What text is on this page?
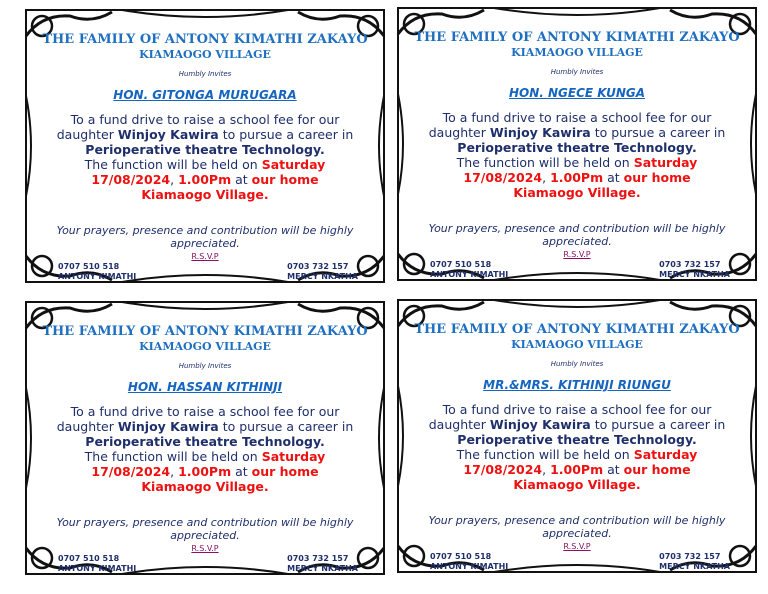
THE FAMILY OF ANTONY KIMATHI ZAKAYO
KIAMAOGO VILLAGE
Humbly Invites
HON. GITONGA MURUGARA
To a fund drive to raise a school fee for our daughter Winjoy Kawira to pursue a career in Perioperative theatre Technology.
The function will be held on Saturday 17/08/2024, 1.00Pm at our home
Kiamaogo Village.
Your prayers, presence and contribution will be highly appreciated.
R.S.V.P
0707 510 518
ANTONY KIMATHI
0703 732 157
MERCY NKATHA
THE FAMILY OF ANTONY KIMATHI ZAKAYO
KIAMAOGO VILLAGE
Humbly Invites
HON. NGECE KUNGA
To a fund drive to raise a school fee for our daughter Winjoy Kawira to pursue a career in Perioperative theatre Technology.
The function will be held on Saturday 17/08/2024, 1.00Pm at our home
Kiamaogo Village.
Your prayers, presence and contribution will be highly appreciated.
R.S.V.P
0707 510 518
ANTONY KIMATHI
0703 732 157
MERCY NKATHA
THE FAMILY OF ANTONY KIMATHI ZAKAYO
KIAMAOGO VILLAGE
Humbly Invites
HON. HASSAN KITHINJI
To a fund drive to raise a school fee for our daughter Winjoy Kawira to pursue a career in Perioperative theatre Technology.
The function will be held on Saturday 17/08/2024, 1.00Pm at our home
Kiamaogo Village.
Your prayers, presence and contribution will be highly appreciated.
R.S.V.P
0707 510 518
ANTONY KIMATHI
0703 732 157
MERCY NKATHA
THE FAMILY OF ANTONY KIMATHI ZAKAYO
KIAMAOGO VILLAGE
Humbly Invites
MR.&MRS. KITHINJI RIUNGU
To a fund drive to raise a school fee for our daughter Winjoy Kawira to pursue a career in Perioperative theatre Technology.
The function will be held on Saturday 17/08/2024, 1.00Pm at our home
Kiamaogo Village.
Your prayers, presence and contribution will be highly appreciated.
R.S.V.P
0707 510 518
ANTONY KIMATHI
0703 732 157
MERCY NKATHA
